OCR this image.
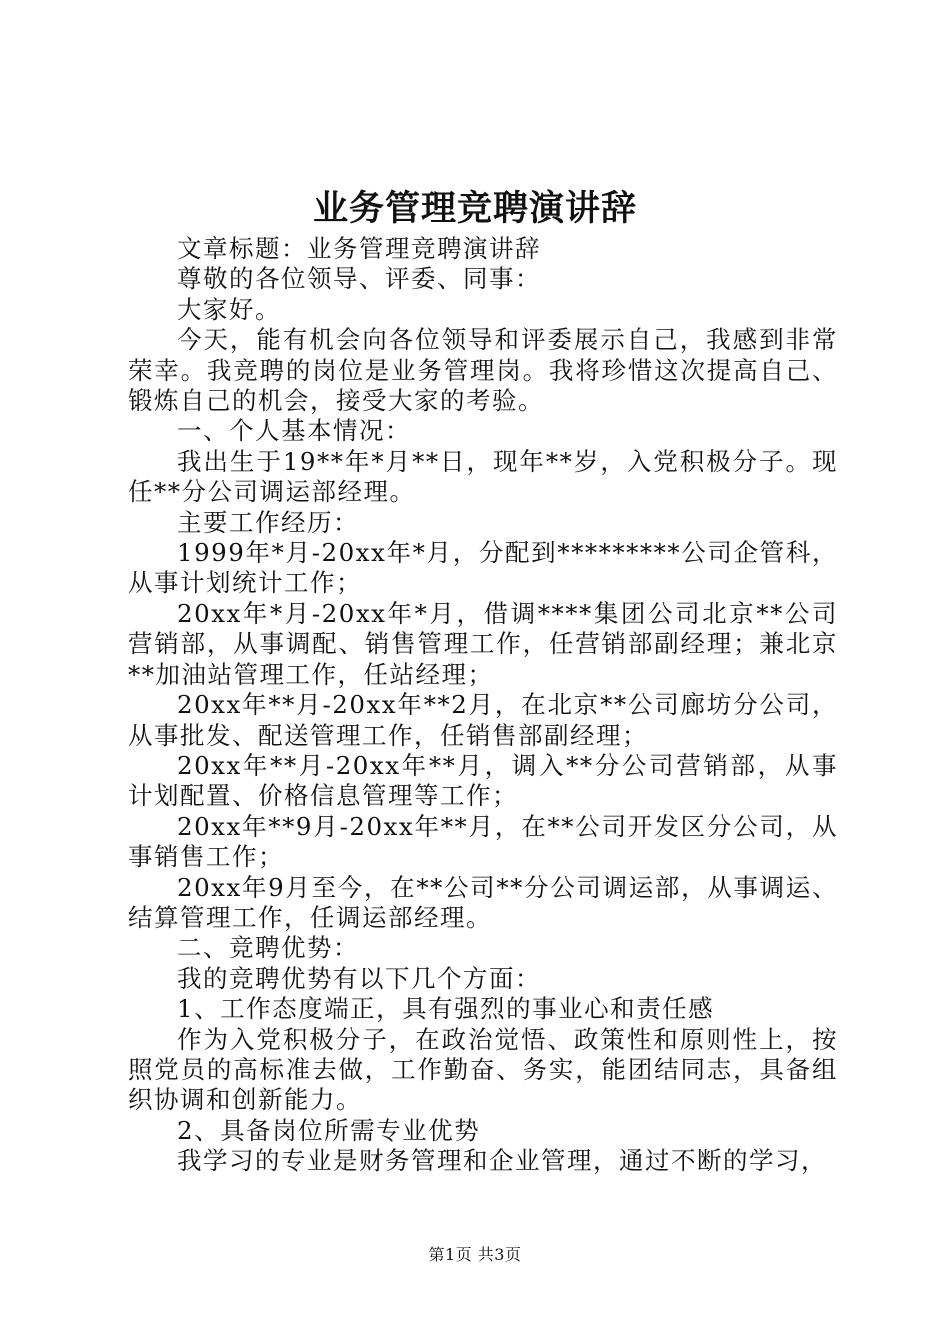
业务管理竞聘演讲辞

文章标题：业务管理竞聘演讲辞

尊敬的各位领导、评委、同事：

大家好。

今天，能有机会向各位领导和评委展示自己，我感到非常荣幸。我竞聘的岗位是业务管理岗。我将珍惜这次提高自己、锻炼自己的机会，接受大家的考验。

一、个人基本情况：

我出生于19**年*月**日，现年**岁，入党积极分子。现任**分公司调运部经理。

主要工作经历：

1999年*月-20xx年*月，分配到*********公司企管科，从事计划统计工作；

20xx年*月-20xx年*月，借调****集团公司北京**公司营销部，从事调配、销售管理工作，任营销部副经理；兼北京**加油站管理工作，任站经理；

20xx年**月-20xx年**2月，在北京**公司廊坊分公司，从事批发、配送管理工作，任销售部副经理；

20xx年**月-20xx年**月，调入**分公司营销部，从事计划配置、价格信息管理等工作；

20xx年**9月-20xx年**月，在**公司开发区分公司，从事销售工作；

20xx年9月至今，在**公司**分公司调运部，从事调运、结算管理工作，任调运部经理。

二、竞聘优势：

我的竞聘优势有以下几个方面：

1、工作态度端正，具有强烈的事业心和责任感

作为入党积极分子，在政治觉悟、政策性和原则性上，按照党员的高标准去做，工作勤奋、务实，能团结同志，具备组织协调和创新能力。

2、具备岗位所需专业优势

我学习的专业是财务管理和企业管理，通过不断的学习，

第1页 共3页
